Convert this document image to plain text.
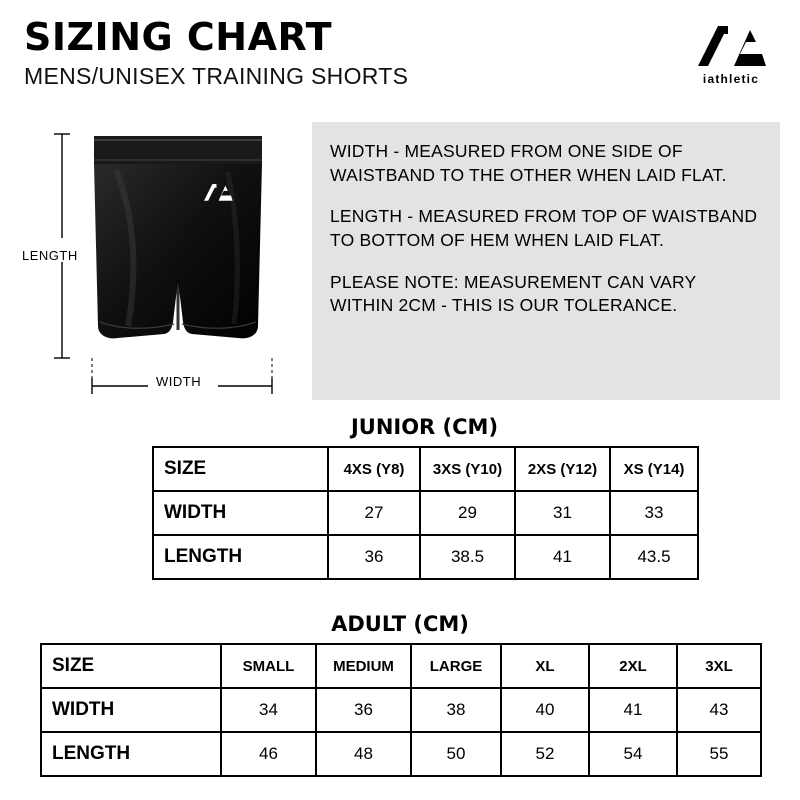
SIZING CHART
MENS/UNISEX TRAINING SHORTS	iathletic
LENGTH
WIDTH

WIDTH - MEASURED FROM ONE SIDE OF WAISTBAND TO THE OTHER WHEN LAID FLAT.

LENGTH - MEASURED FROM TOP OF WAISTBAND TO BOTTOM OF HEM WHEN LAID FLAT.

PLEASE NOTE: MEASUREMENT CAN VARY WITHIN 2CM - THIS IS OUR TOLERANCE.

JUNIOR (CM)
SIZE	4XS (Y8)	3XS (Y10)	2XS (Y12)	XS (Y14)
WIDTH	27	29	31	33
LENGTH	36	38.5	41	43.5
ADULT (CM)
SIZE	SMALL	MEDIUM	LARGE	XL	2XL	3XL
WIDTH	34	36	38	40	41	43
LENGTH	46	48	50	52	54	55
